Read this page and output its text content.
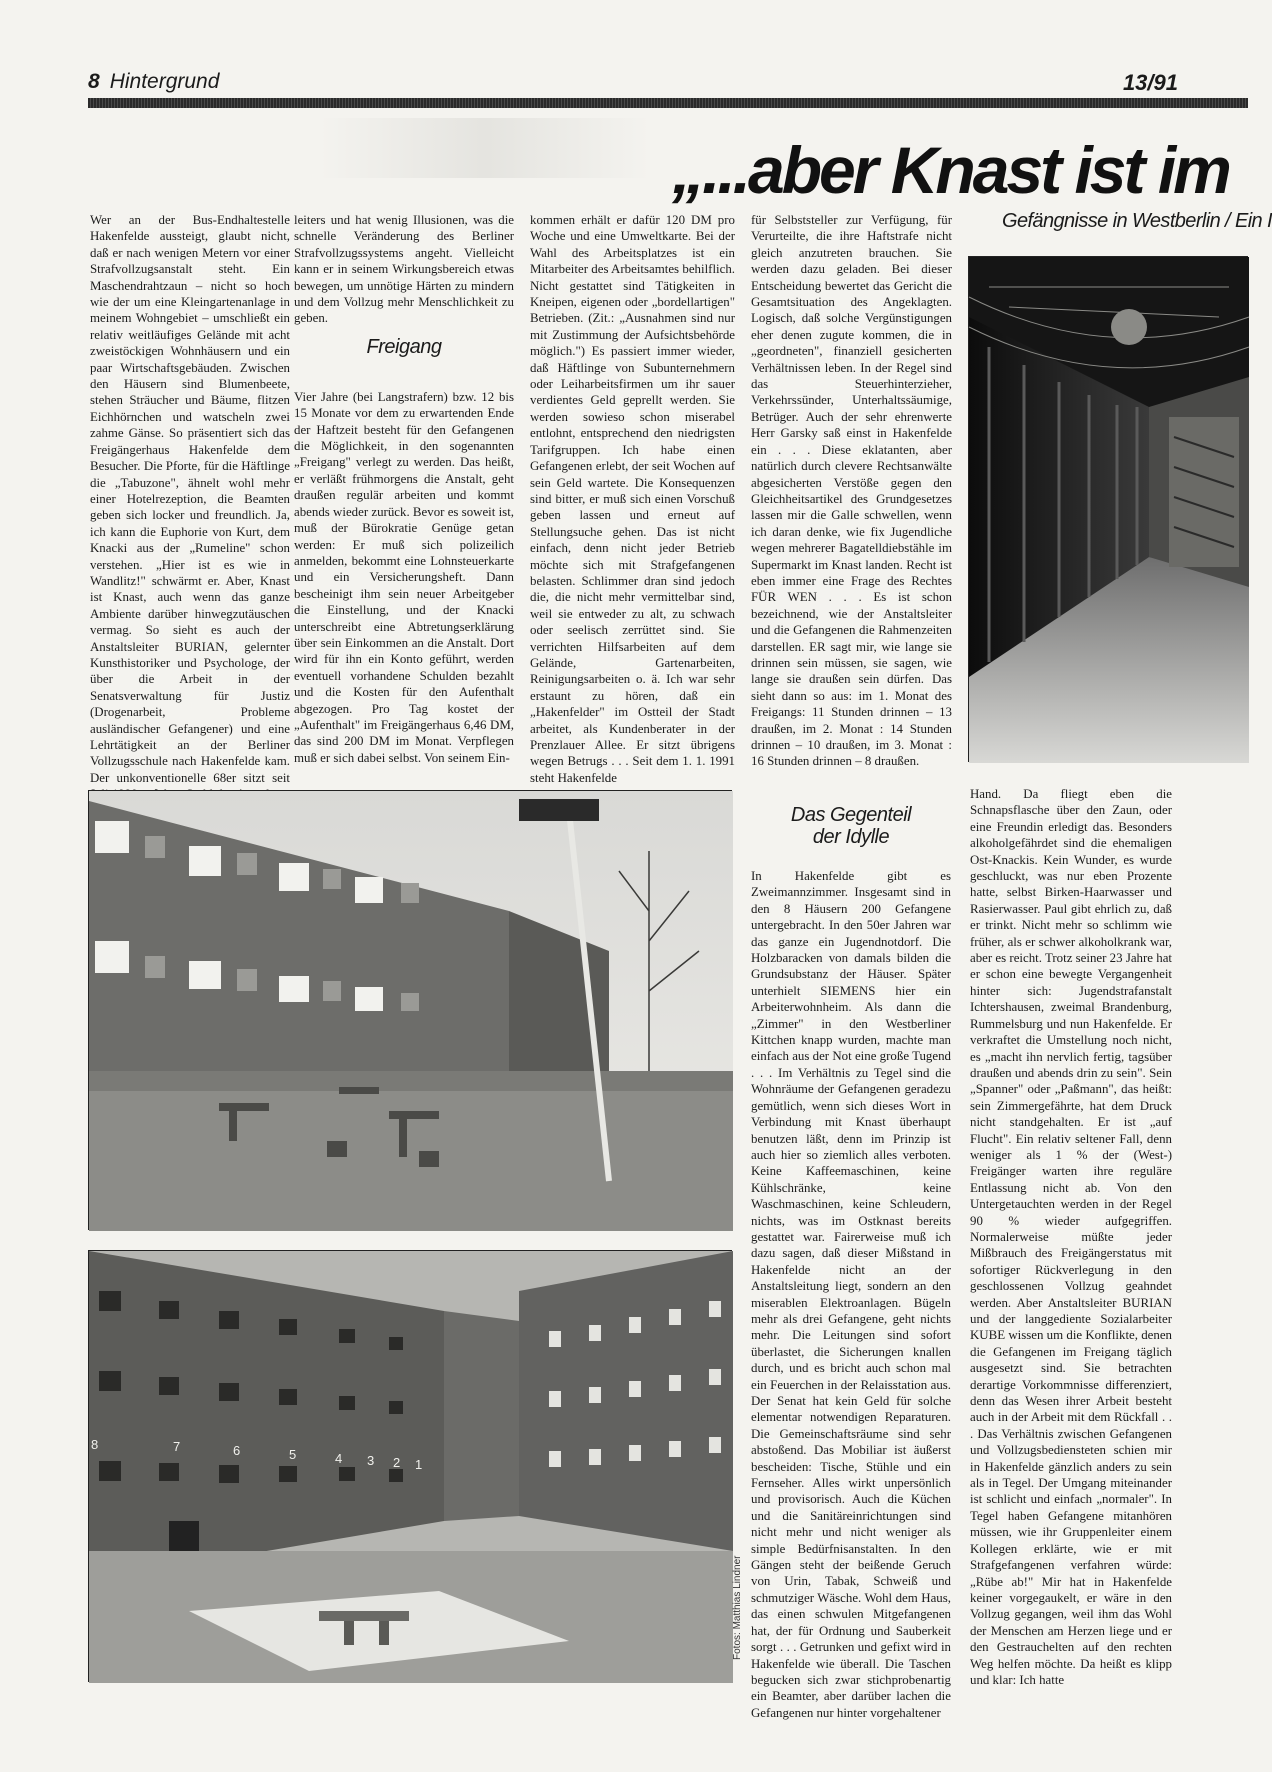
8 Hintergrund	13/91
„...aber Knast ist im
Gefängnisse in Westberlin / Ein I

Wer an der Bus-Endhaltestelle Hakenfelde aussteigt, glaubt nicht, daß er nach wenigen Metern vor einer Strafvollzugsanstalt steht. Ein Maschendrahtzaun – nicht so hoch wie der um eine Kleingartenanlage in meinem Wohngebiet – umschließt ein relativ weitläufiges Gelände mit acht zweistöckigen Wohnhäusern und ein paar Wirtschaftsgebäuden. Zwischen den Häusern sind Blumenbeete, stehen Sträucher und Bäume, flitzen Eichhörnchen und watscheln zwei zahme Gänse. So präsentiert sich das Freigängerhaus Hakenfelde dem Besucher. Die Pforte, für die Häftlinge die „Tabuzone", ähnelt wohl mehr einer Hotelrezeption, die Beamten geben sich locker und freundlich. Ja, ich kann die Euphorie von Kurt, dem Knacki aus der „Rumeline" schon verstehen. „Hier ist es wie in Wandlitz!" schwärmt er. Aber, Knast ist Knast, auch wenn das ganze Ambiente darüber hinwegzutäuschen vermag. So sieht es auch der Anstaltsleiter BURIAN, gelernter Kunsthistoriker und Psychologe, der über die Arbeit in der Senatsverwaltung für Justiz (Drogenarbeit, Probleme ausländischer Gefangener) und eine Lehrtätigkeit an der Berliner Vollzugsschule nach Hakenfelde kam. Der unkonventionelle 68er sitzt seit

leiters und hat wenig Illusionen, was die schnelle Veränderung des Berliner Strafvollzugssystems angeht. Vielleicht kann er in seinem Wirkungsbereich etwas bewegen, um unnötige Härten zu mindern und dem Vollzug mehr Menschlichkeit zu geben.

Vier Jahre (bei Langstrafern) bzw. 12 bis 15 Monate vor dem zu erwartenden Ende der Haftzeit besteht für den Gefangenen die Möglichkeit, in den sogenannten „Freigang" verlegt zu werden. Das heißt, er verläßt frühmorgens die Anstalt, geht draußen regulär arbeiten und kommt abends wieder zurück. Bevor es soweit ist, muß der Bürokratie Genüge getan werden: Er muß sich polizeilich anmelden, bekommt eine Lohnsteuerkarte und ein Versicherungsheft. Dann bescheinigt ihm sein neuer Arbeitgeber die Einstellung, und der Knacki unterschreibt eine Abtretungserklärung über sein Einkommen an die Anstalt. Dort wird für ihn ein Konto geführt, werden eventuell vorhandene Schulden bezahlt und die Kosten für den Aufenthalt abgezogen. Pro Tag kostet der „Aufenthalt" im Freigängerhaus 6,46 DM, das sind 200 DM im Monat. Verpflegen muß er sich dabei selbst. Von seinem Ein-

Freigang

kommen erhält er dafür 120 DM pro Woche und eine Umweltkarte. Bei der Wahl des Arbeitsplatzes ist ein Mitarbeiter des Arbeitsamtes behilflich. Nicht gestattet sind Tätigkeiten in Kneipen, eigenen oder „bordellartigen" Betrieben. (Zit.: „Ausnahmen sind nur mit Zustimmung der Aufsichtsbehörde möglich.") Es passiert immer wieder, daß Häftlinge von Subunternehmern oder Leiharbeitsfirmen um ihr sauer verdientes Geld geprellt werden. Sie werden sowieso schon miserabel entlohnt, entsprechend den niedrigsten Tarifgruppen. Ich habe einen Gefangenen erlebt, der seit Wochen auf sein Geld wartete. Die Konsequenzen sind bitter, er muß sich einen Vorschuß geben lassen und erneut auf Stellungsuche gehen. Das ist nicht einfach, denn nicht jeder Betrieb möchte sich mit Strafgefangenen belasten. Schlimmer dran sind jedoch die, die nicht mehr vermittelbar sind, weil sie entweder zu alt, zu schwach oder seelisch zerrüttet sind. Sie verrichten Hilfsarbeiten auf dem Gelände, Gartenarbeiten, Reinigungsarbeiten o. ä. Ich war sehr erstaunt zu hören, daß ein „Hakenfelder" im Ostteil der Stadt arbeitet, als Kundenberater in der Prenzlauer Allee. Er sitzt übrigens wegen Betrugs . . . Seit dem 1. 1. 1991 steht Hakenfelde

für Selbststeller zur Verfügung, für Verurteilte, die ihre Haftstrafe nicht gleich anzutreten brauchen. Sie werden dazu geladen. Bei dieser Entscheidung bewertet das Gericht die Gesamtsituation des Angeklagten. Logisch, daß solche Vergünstigungen eher denen zugute kommen, die in „geordneten", finanziell gesicherten Verhältnissen leben. In der Regel sind das Steuerhinterzieher, Verkehrssünder, Unterhaltssäumige, Betrüger. Auch der sehr ehrenwerte Herr Garsky saß einst in Hakenfelde ein . . . Diese eklatanten, aber natürlich durch clevere Rechtsanwälte abgesicherten Verstöße gegen den Gleichheitsartikel des Grundgesetzes lassen mir die Galle schwellen, wenn ich daran denke, wie fix Jugendliche wegen mehrerer Bagatelldiebstähle im Supermarkt im Knast landen. Recht ist eben immer eine Frage des Rechtes FÜR WEN . . . Es ist schon bezeichnend, wie der Anstaltsleiter und die Gefangenen die Rahmenzeiten darstellen. ER sagt mir, wie lange sie drinnen sein müssen, sie sagen, wie lange sie draußen sein dürfen. Das sieht dann so aus: im 1. Monat des Freigangs: 11 Stunden drinnen – 13 draußen, im 2. Monat : 14 Stunden drinnen – 10 draußen, im 3. Monat : 16 Stunden drinnen – 8 draußen.

Das Gegenteil
der Idylle

In Hakenfelde gibt es Zweimannzimmer. Insgesamt sind in den 8 Häusern 200 Gefangene untergebracht. In den 50er Jahren war das ganze ein Jugendnotdorf. Die Holzbaracken von damals bilden die Grundsubstanz der Häuser. Später unterhielt SIEMENS hier ein Arbeiterwohnheim. Als dann die „Zimmer" in den Westberliner Kittchen knapp wurden, machte man einfach aus der Not eine große Tugend . . . Im Verhältnis zu Tegel sind die Wohnräume der Gefangenen geradezu gemütlich, wenn sich dieses Wort in Verbindung mit Knast überhaupt benutzen läßt, denn im Prinzip ist auch hier so ziemlich alles verboten. Keine Kaffeemaschinen, keine Kühlschränke, keine Waschmaschinen, keine Schleudern, nichts, was im Ostknast bereits gestattet war. Fairerweise muß ich dazu sagen, daß dieser Mißstand in Hakenfelde nicht an der Anstaltsleitung liegt, sondern an den miserablen Elektroanlagen. Bügeln mehr als drei Gefangene, geht nichts mehr. Die Leitungen sind sofort überlastet, die Sicherungen knallen durch, und es bricht auch schon mal ein Feuerchen in der Relaisstation aus. Der Senat hat kein Geld für solche elementar notwendigen Reparaturen. Die Gemeinschaftsräume sind sehr abstoßend. Das Mobiliar ist äußerst bescheiden: Tische, Stühle und ein Fernseher. Alles wirkt unpersönlich und provisorisch. Auch die Küchen und die Sanitäreinrichtungen sind nicht mehr und nicht weniger als simple Bedürfnisanstalten. In den Gängen steht der beißende Geruch von Urin, Tabak, Schweiß und schmutziger Wäsche. Wohl dem Haus, das einen schwulen Mitgefangenen hat, der für Ordnung und Sauberkeit sorgt . . . Getrunken und gefixt wird in Hakenfelde wie überall. Die Taschen begucken sich zwar stichprobenartig ein Beamter, aber darüber lachen die Gefangenen nur hinter vorgehaltener

Hand. Da fliegt eben die Schnapsflasche über den Zaun, oder eine Freundin erledigt das. Besonders alkoholgefährdet sind die ehemaligen Ost-Knackis. Kein Wunder, es wurde geschluckt, was nur eben Prozente hatte, selbst Birken-Haarwasser und Rasierwasser. Paul gibt ehrlich zu, daß er trinkt. Nicht mehr so schlimm wie früher, als er schwer alkoholkrank war, aber es reicht. Trotz seiner 23 Jahre hat er schon eine bewegte Vergangenheit hinter sich: Jugendstrafanstalt Ichtershausen, zweimal Brandenburg, Rummelsburg und nun Hakenfelde. Er verkraftet die Umstellung noch nicht, es „macht ihn nervlich fertig, tagsüber draußen und abends drin zu sein". Sein „Spanner" oder „Paßmann", das heißt: sein Zimmergefährte, hat dem Druck nicht standgehalten. Er ist „auf Flucht". Ein relativ seltener Fall, denn weniger als 1 % der (West-) Freigänger warten ihre reguläre Entlassung nicht ab. Von den Untergetauchten werden in der Regel 90 % wieder aufgegriffen. Normalerweise müßte jeder Mißbrauch des Freigängerstatus mit sofortiger Rückverlegung in den geschlossenen Vollzug geahndet werden. Aber Anstaltsleiter BURIAN und der langgediente Sozialarbeiter KUBE wissen um die Konflikte, denen die Gefangenen im Freigang täglich ausgesetzt sind. Sie betrachten derartige Vorkommnisse differenziert, denn das Wesen ihrer Arbeit besteht auch in der Arbeit mit dem Rückfall . . . Das Verhältnis zwischen Gefangenen und Vollzugsbediensteten schien mir in Hakenfelde gänzlich anders zu sein als in Tegel. Der Umgang miteinander ist schlicht und einfach „normaler". In Tegel haben Gefangene mitanhören müssen, wie ihr Gruppenleiter einem Kollegen erklärte, wie er mit Strafgefangenen verfahren würde: „Rübe ab!" Mir hat in Hakenfelde keiner vorgegaukelt, er wäre in den Vollzug gegangen, weil ihm das Wohl der Menschen am Herzen liege und er den Gestrauchelten auf den rechten Weg helfen möchte. Da heißt es klipp und klar: Ich hatte

8	7	6	5	4 3 2 1
Fotos: Matthias Lindner
